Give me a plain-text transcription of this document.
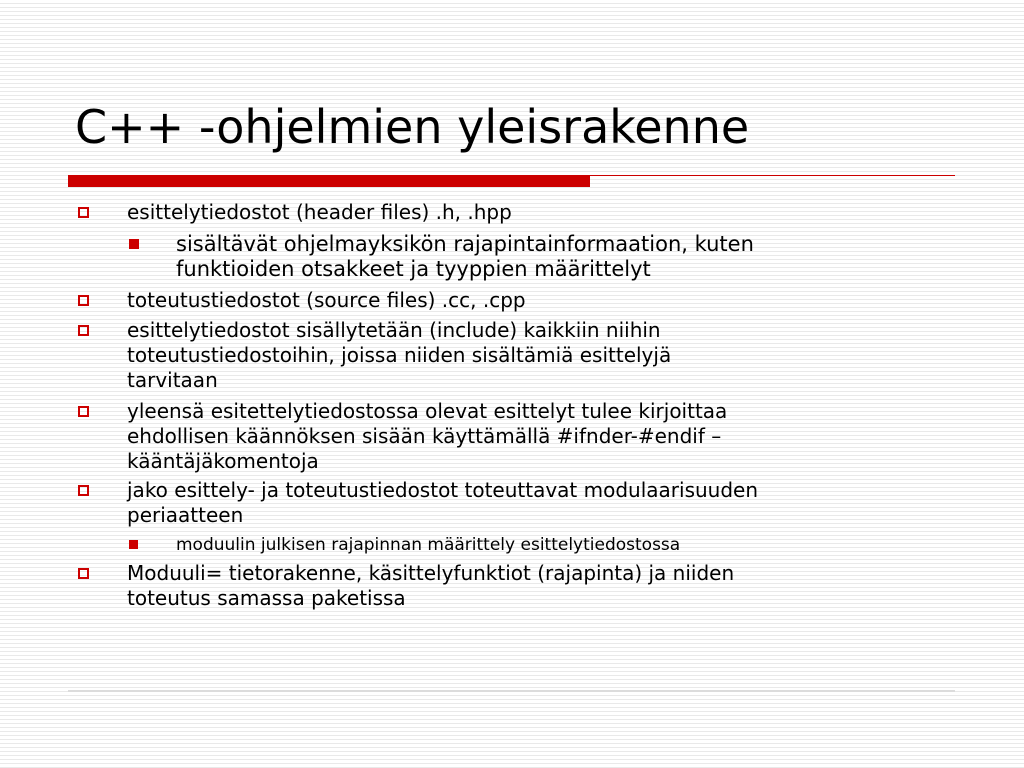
C++ -ohjelmien yleisrakenne
esittelytiedostot (header files) .h, .hpp
sisältävät ohjelmayksikön rajapintainformaation, kuten
funktioiden otsakkeet ja tyyppien määrittelyt
toteutustiedostot (source files) .cc, .cpp
esittelytiedostot sisällytetään (include) kaikkiin niihin
toteutustiedostoihin, joissa niiden sisältämiä esittelyjä
tarvitaan
yleensä esitettelytiedostossa olevat esittelyt tulee kirjoittaa
ehdollisen käännöksen sisään käyttämällä #ifnder-#endif –
kääntäjäkomentoja
jako esittely- ja toteutustiedostot toteuttavat modulaarisuuden
periaatteen
moduulin julkisen rajapinnan määrittely esittelytiedostossa
Moduuli= tietorakenne, käsittelyfunktiot (rajapinta) ja niiden
toteutus samassa paketissa
